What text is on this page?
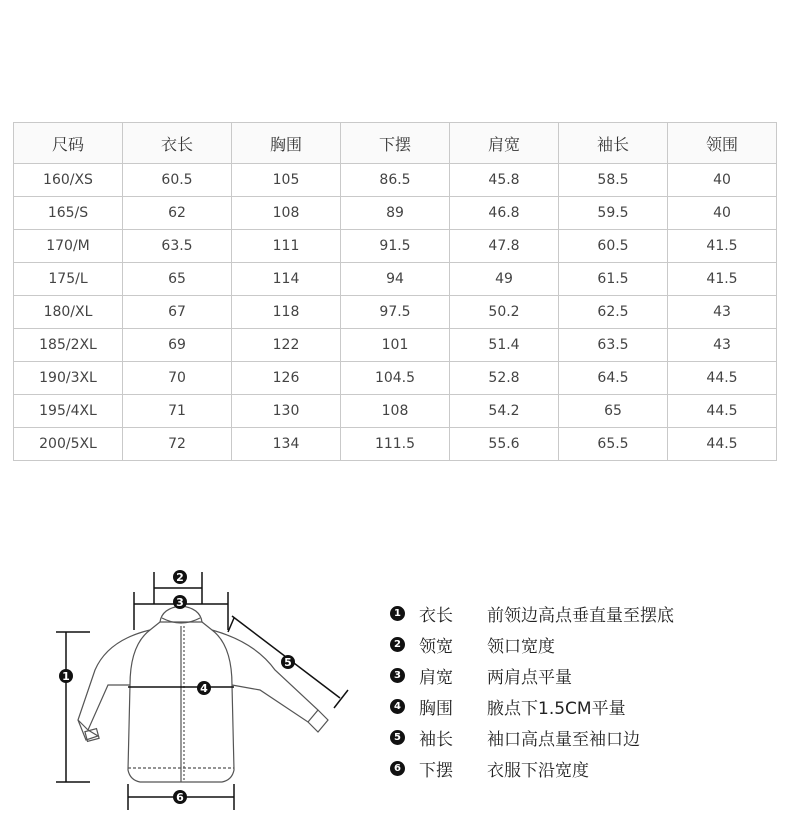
尺码	衣长	胸围	下摆	肩宽	袖长	领围
160/XS	60.5	105	86.5	45.8	58.5	40
165/S	62	108	89	46.8	59.5	40
170/M	63.5	111	91.5	47.8	60.5	41.5
175/L	65	114	94	49	61.5	41.5
180/XL	67	118	97.5	50.2	62.5	43
185/2XL	69	122	101	51.4	63.5	43
190/3XL	70	126	104.5	52.8	64.5	44.5
195/4XL	71	130	108	54.2	65	44.5
200/5XL	72	134	111.5	55.6	65.5	44.5
2
3
1
4
5
6
1 衣长	前领边高点垂直量至摆底
2 领宽	领口宽度
3 肩宽	两肩点平量
4 胸围	腋点下1.5CM平量
5 袖长	袖口高点量至袖口边
6 下摆	衣服下沿宽度
